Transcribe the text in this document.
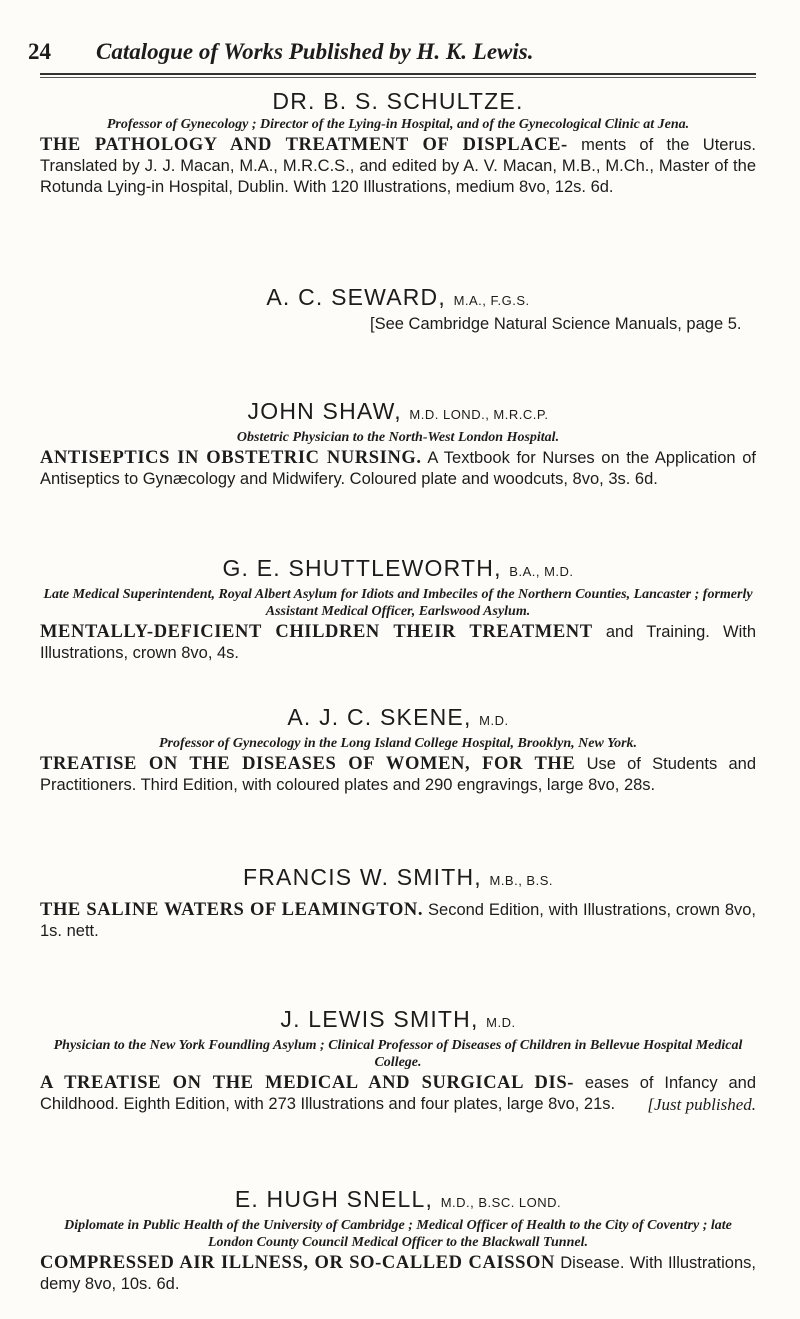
24 Catalogue of Works Published by H. K. Lewis.
DR. B. S. SCHULTZE.
Professor of Gynecology ; Director of the Lying-in Hospital, and of the Gynecological Clinic at Jena.
THE PATHOLOGY AND TREATMENT OF DISPLACE- ments of the Uterus. Translated by J. J. Macan, M.A., M.R.C.S., and edited by A. V. Macan, M.B., M.Ch., Master of the Rotunda Lying-in Hospital, Dublin. With 120 Illustrations, medium 8vo, 12s. 6d.
A. C. SEWARD, M.A., F.G.S.
[See Cambridge Natural Science Manuals, page 5.
JOHN SHAW, M.D. LOND., M.R.C.P.
Obstetric Physician to the North-West London Hospital.
ANTISEPTICS IN OBSTETRIC NURSING. A Textbook for Nurses on the Application of Antiseptics to Gynæcology and Midwifery. Coloured plate and woodcuts, 8vo, 3s. 6d.
G. E. SHUTTLEWORTH, B.A., M.D.
Late Medical Superintendent, Royal Albert Asylum for Idiots and Imbeciles of the Northern Counties, Lancaster ; formerly Assistant Medical Officer, Earlswood Asylum.
MENTALLY-DEFICIENT CHILDREN THEIR TREATMENT and Training. With Illustrations, crown 8vo, 4s.
A. J. C. SKENE, M.D.
Professor of Gynecology in the Long Island College Hospital, Brooklyn, New York.
TREATISE ON THE DISEASES OF WOMEN, FOR THE Use of Students and Practitioners. Third Edition, with coloured plates and 290 engravings, large 8vo, 28s.
FRANCIS W. SMITH, M.B., B.S.
THE SALINE WATERS OF LEAMINGTON. Second Edition, with Illustrations, crown 8vo, 1s. nett.
J. LEWIS SMITH, M.D.
Physician to the New York Foundling Asylum ; Clinical Professor of Diseases of Children in Bellevue Hospital Medical College.
A TREATISE ON THE MEDICAL AND SURGICAL DIS- eases of Infancy and Childhood. Eighth Edition, with 273 Illustrations and four plates, large 8vo, 21s. [Just published.
E. HUGH SNELL, M.D., B.SC. LOND.
Diplomate in Public Health of the University of Cambridge ; Medical Officer of Health to the City of Coventry ; late London County Council Medical Officer to the Blackwall Tunnel.
COMPRESSED AIR ILLNESS, OR SO-CALLED CAISSON Disease. With Illustrations, demy 8vo, 10s. 6d.
